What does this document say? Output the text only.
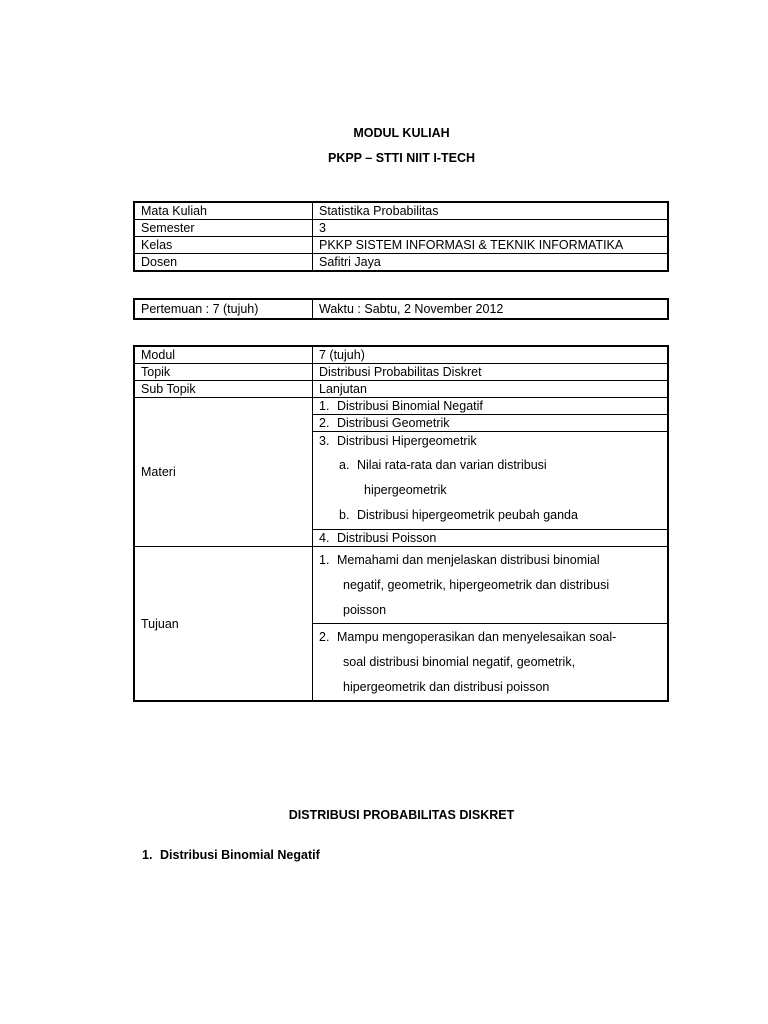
MODUL KULIAH
PKPP – STTI NIIT I-TECH
Mata Kuliah	Statistika Probabilitas
Semester	3
Kelas	PKKP SISTEM INFORMASI & TEKNIK INFORMATIKA
Dosen	Safitri Jaya
Pertemuan : 7 (tujuh)	Waktu : Sabtu, 2 November 2012
Modul	7 (tujuh)
Topik	Distribusi Probabilitas Diskret
Sub Topik	Lanjutan
Materi	1. Distribusi Binomial Negatif
	2. Distribusi Geometrik

	3. Distribusi Hipergeometrik
a. Nilai rata-rata dan varian distribusi
hipergeometrik
b. Distribusi hipergeometrik peubah ganda

	4. Distribusi Poisson
Tujuan	1. Memahami dan menjelaskan distribusi binomial
negatif, geometrik, hipergeometrik dan distribusi
poisson

	2. Mampu mengoperasikan dan menyelesaikan soal-
soal distribusi binomial negatif, geometrik,
hipergeometrik dan distribusi poisson
DISTRIBUSI PROBABILITAS DISKRET
1. Distribusi Binomial Negatif
